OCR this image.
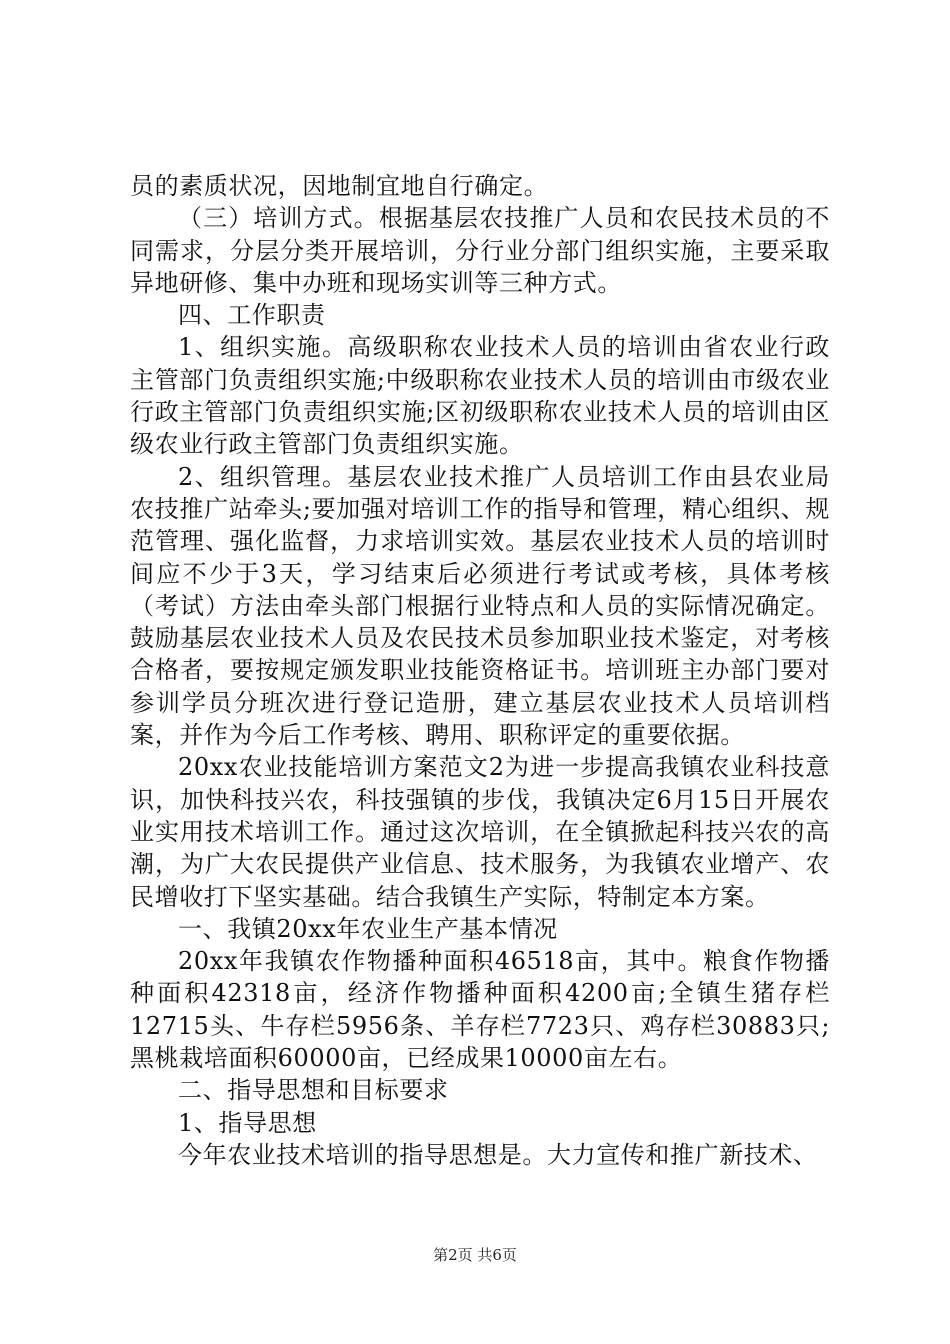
员的素质状况，因地制宜地自行确定。

（三）培训方式。根据基层农技推广人员和农民技术员的不同需求，分层分类开展培训，分行业分部门组织实施，主要采取异地研修、集中办班和现场实训等三种方式。

四、工作职责

1、组织实施。高级职称农业技术人员的培训由省农业行政主管部门负责组织实施;中级职称农业技术人员的培训由市级农业行政主管部门负责组织实施;区初级职称农业技术人员的培训由区级农业行政主管部门负责组织实施。

2、组织管理。基层农业技术推广人员培训工作由县农业局农技推广站牵头;要加强对培训工作的指导和管理，精心组织、规范管理、强化监督，力求培训实效。基层农业技术人员的培训时间应不少于3天，学习结束后必须进行考试或考核，具体考核（考试）方法由牵头部门根据行业特点和人员的实际情况确定。鼓励基层农业技术人员及农民技术员参加职业技术鉴定，对考核合格者，要按规定颁发职业技能资格证书。培训班主办部门要对参训学员分班次进行登记造册，建立基层农业技术人员培训档案，并作为今后工作考核、聘用、职称评定的重要依据。

20xx农业技能培训方案范文2为进一步提高我镇农业科技意识，加快科技兴农，科技强镇的步伐，我镇决定6月15日开展农业实用技术培训工作。通过这次培训，在全镇掀起科技兴农的高潮，为广大农民提供产业信息、技术服务，为我镇农业增产、农民增收打下坚实基础。结合我镇生产实际，特制定本方案。

一、我镇20xx年农业生产基本情况

20xx年我镇农作物播种面积46518亩，其中。粮食作物播种面积42318亩，经济作物播种面积4200亩;全镇生猪存栏12715头、牛存栏5956条、羊存栏7723只、鸡存栏30883只;黑桃栽培面积60000亩，已经成果10000亩左右。

二、指导思想和目标要求

1、指导思想

今年农业技术培训的指导思想是。大力宣传和推广新技术、

第2页 共6页
